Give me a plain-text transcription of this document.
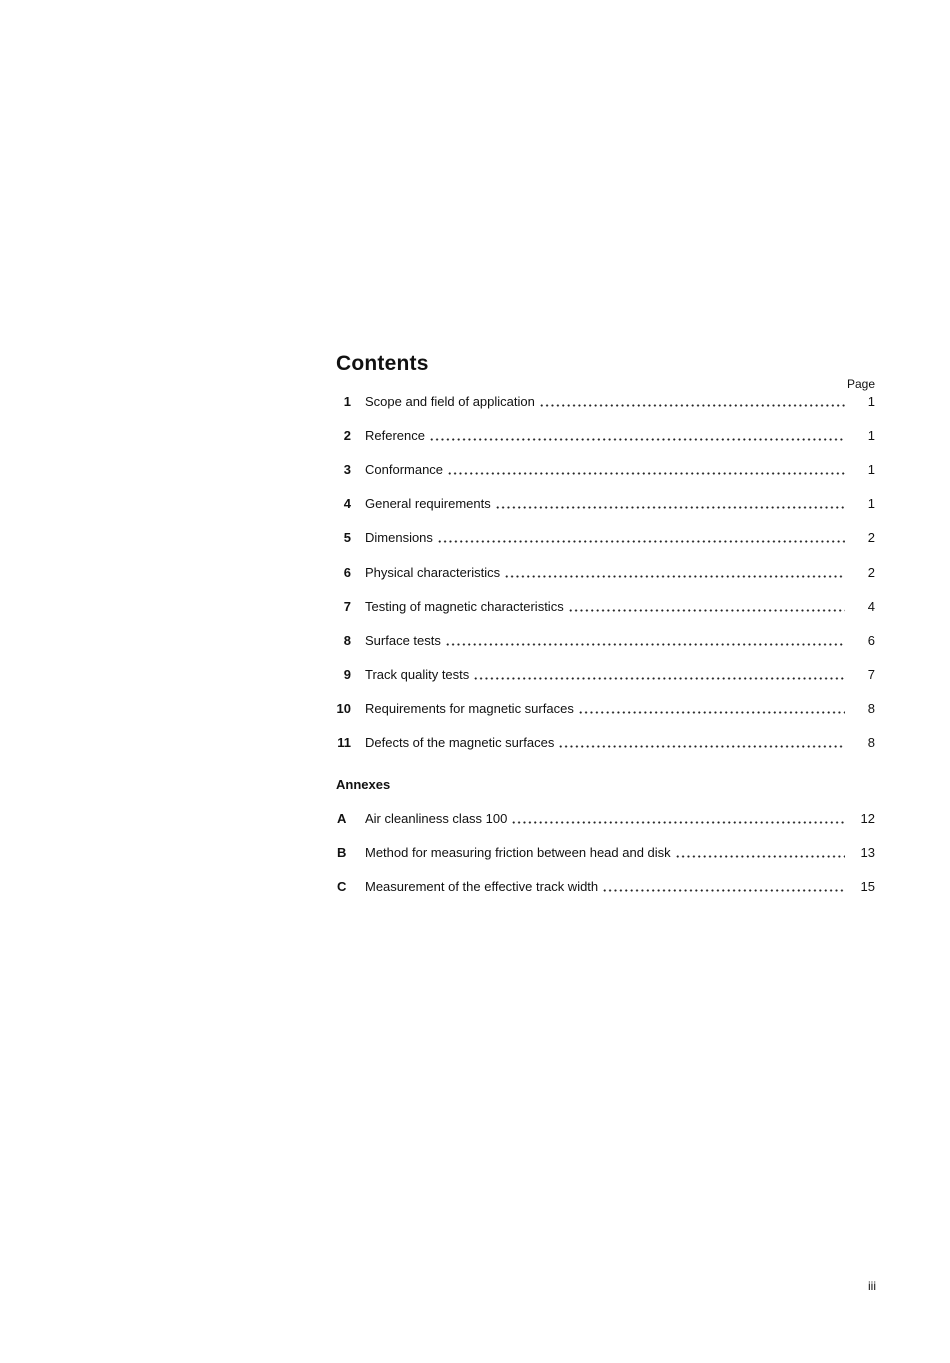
Contents
Page
1 Scope and field of application	1
2 Reference	1
3 Conformance	1
4 General requirements	1
5 Dimensions	2
6 Physical characteristics	2
7 Testing of magnetic characteristics	4
8 Surface tests	6
9 Track quality tests	7
10 Requirements for magnetic surfaces	8
11 Defects of the magnetic surfaces	8
Annexes
A	Air cleanliness class 100	12
B	Method for measuring friction between head and disk	13
C	Measurement of the effective track width	15
iii
